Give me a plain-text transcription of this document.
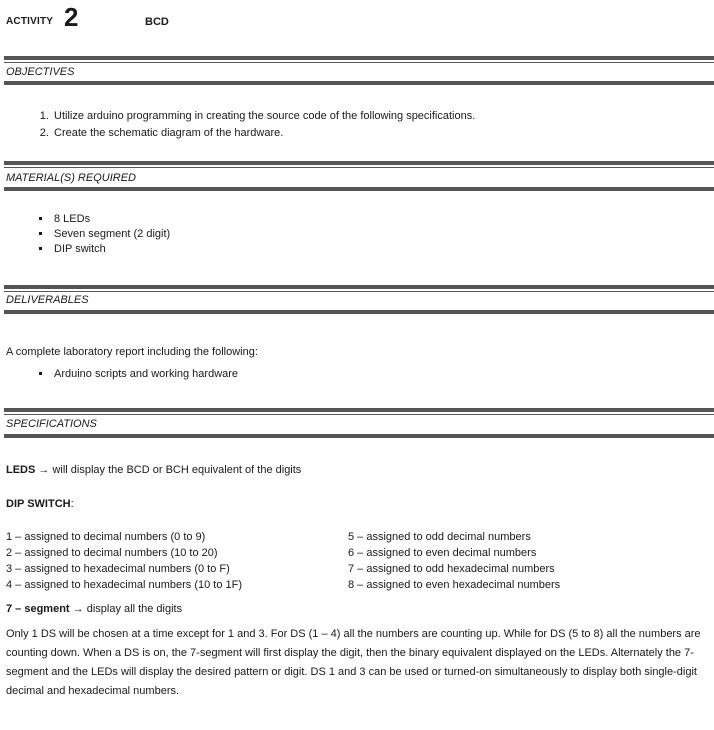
ACTIVITY 2	BCD
OBJECTIVES
1. Utilize arduino programming in creating the source code of the following specifications.
2. Create the schematic diagram of the hardware.
MATERIAL(S) REQUIRED
▪ 8 LEDs
▪ Seven segment (2 digit)
▪ DIP switch
DELIVERABLES
A complete laboratory report including the following:
▪ Arduino scripts and working hardware
SPECIFICATIONS
LEDS → will display the BCD or BCH equivalent of the digits
DIP SWITCH:
1 – assigned to decimal numbers (0 to 9)
2 – assigned to decimal numbers (10 to 20)
3 – assigned to hexadecimal numbers (0 to F)
4 – assigned to hexadecimal numbers (10 to 1F)
5 – assigned to odd decimal numbers
6 – assigned to even decimal numbers
7 – assigned to odd hexadecimal numbers
8 – assigned to even hexadecimal numbers
7 – segment → display all the digits
Only 1 DS will be chosen at a time except for 1 and 3. For DS (1 – 4) all the numbers are counting up. While for DS (5 to 8) all the numbers are counting down. When a DS is on, the 7-segment will first display the digit, then the binary equivalent displayed on the LEDs. Alternately the 7-segment and the LEDs will display the desired pattern or digit. DS 1 and 3 can be used or turned-on simultaneously to display both single-digit decimal and hexadecimal numbers.
